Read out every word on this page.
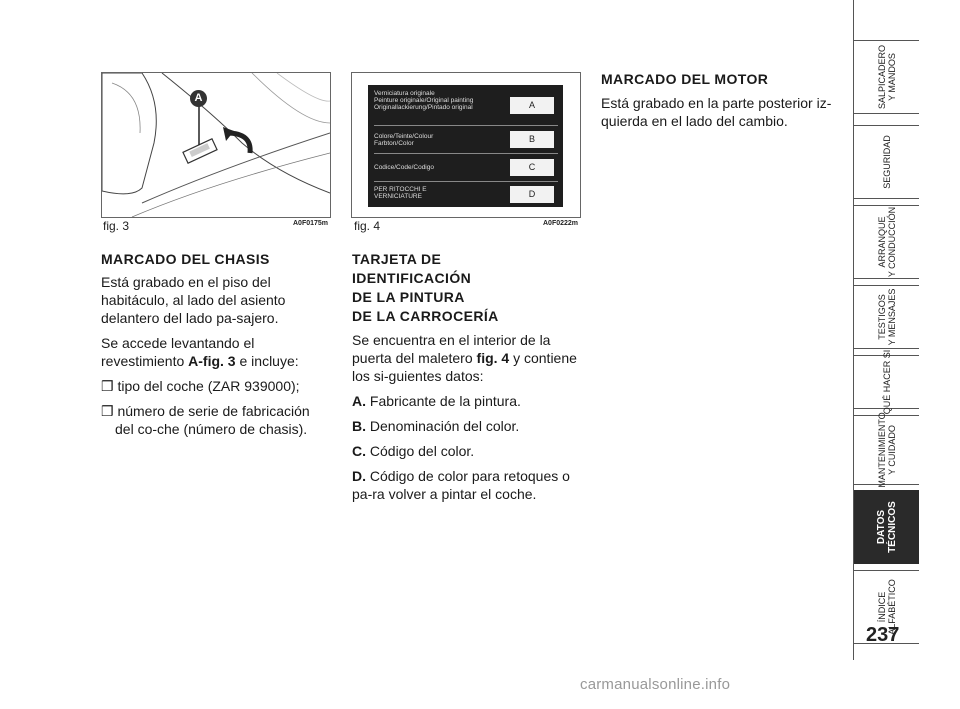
A
fig. 3	A0F0175m
Verniciatura originale
Peinture originale/Original painting
Originallackierung/Pintado original	A
Colore/Teinte/Colour
Farbton/Color	B
Codice/Code/Codigo	C
PER RITOCCHI E
VERNICIATURE	D
fig. 4	A0F0222m

MARCADO DEL CHASIS

Está grabado en el piso del habitáculo, al lado del asiento delantero del lado pa-sajero.

Se accede levantando el revestimiento A-fig. 3 e incluye:

❒ tipo del coche (ZAR 939000);

❒ número de serie de fabricación del co-che (número de chasis).

TARJETA DE

IDENTIFICACIÓN

DE LA PINTURA

DE LA CARROCERÍA

Se encuentra en el interior de la puerta del maletero fig. 4 y contiene los si-guientes datos:

A. Fabricante de la pintura.

B. Denominación del color.

C. Código del color.

D. Código de color para retoques o pa-ra volver a pintar el coche.

MARCADO DEL MOTOR

Está grabado en la parte posterior iz-quierda en el lado del cambio.

SALPICADERO
Y MANDOS
SEGURIDAD
ARRANQUE
Y CONDUCCIÓN
TESTIGOS
Y MENSAJES
QUÉ HACER SI
MANTENIMIENTO
Y CUIDADO
DATOS
TÉCNICOS
ÍNDICE
ALFABÉTICO
237
carmanualsonline.info
